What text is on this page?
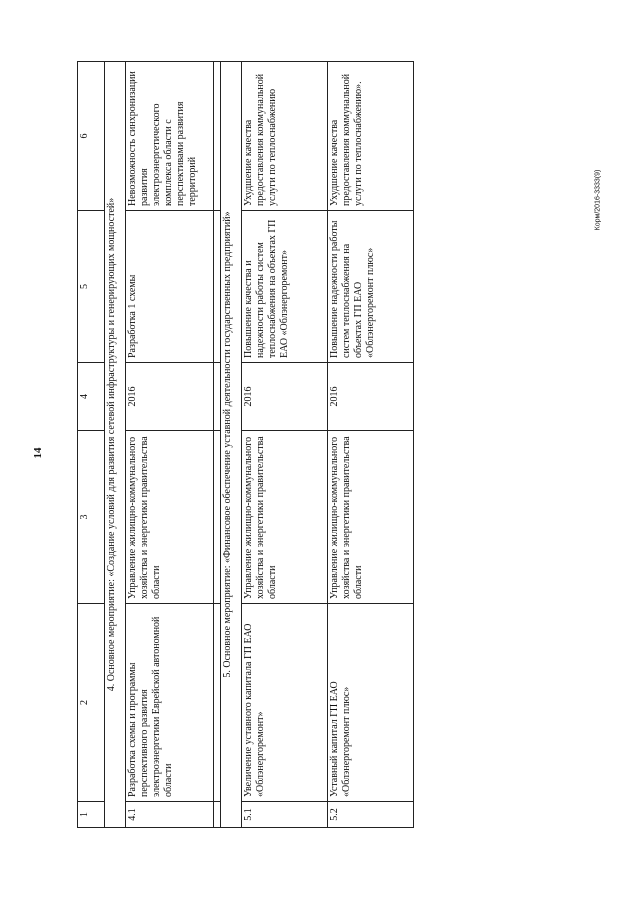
14
Корм/2016-3333(9)
1	2	3	4	5	6
4. Основное мероприятие: «Создание условий для развития сетевой инфраструктуры и генерирующих мощностей»					
4.1	Разработка схемы и программы перспективного развития электроэнергетики Еврейской автономной области	Управление жилищно-коммунального хозяйства и энергетики правительства области	2016	Разработка 1 схемы	Невозможность синхронизации развития электроэнергетического комплекса области с перспективами развития территорий

5. Основное мероприятие: «Финансовое обеспечение уставной деятельности государственных предприятий»					
5.1	Увеличение уставного капитала ГП ЕАО «Облэнергоремонт»	Управление жилищно-коммунального хозяйства и энергетики правительства области	2016	Повышение качества и надежности работы систем теплоснабжения на объектах ГП ЕАО «Облэнергоремонт»	Ухудшение качества предоставления коммунальной услуги по теплоснабжению
5.2	Уставный капитал ГП ЕАО «Облэнергоремонт плюс»	Управление жилищно-коммунального хозяйства и энергетики правительства области	2016	Повышение надежности работы систем теплоснабжения на объектах ГП ЕАО «Облэнергоремонт плюс»	Ухудшение качества предоставления коммунальной услуги по теплоснабжению».
